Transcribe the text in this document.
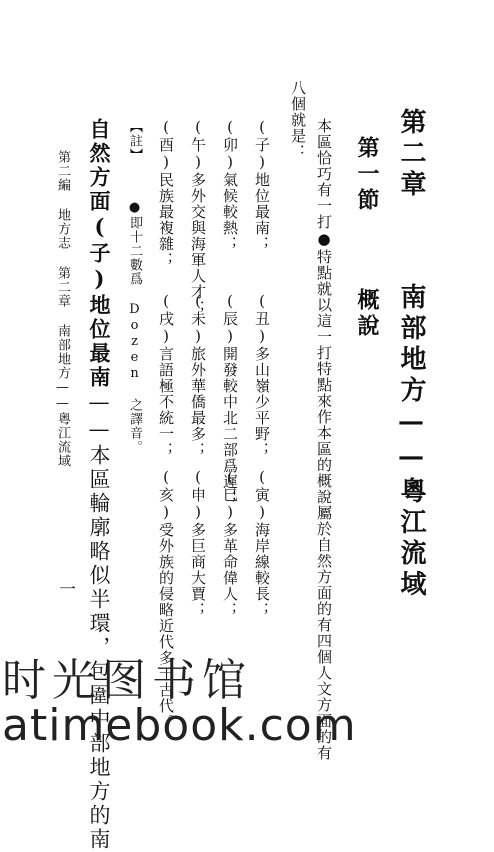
第二章  南部地方——粵江流域
第一節  概說
本區恰巧有一打●特點就以這一打特點來作本區的概說屬於自然方面的有四個人文方面的有
八個就是：
(子)地位最南；
(丑)多山嶺少平野；
(寅)海岸線較長；
(卯)氣候較熱；
(辰)開發較中北二部爲遲；
(巳)多革命偉人；
(午)多外交與海軍人才；
(未)旅外華僑最多；
(申)多巨商大賈；
(酉)民族最複雜；
(戌)言語極不統一；
(亥)受外族的侵略近代多于古代。
【註】  ●即十二數爲 Dozen 之譯音。
自然方面(子)地位最南——本區輪廓略似半環，包圍中部地方的南
第二編 地方志 第二章 南部地方——粵江流域
一
时光图书馆
atimebook.com
